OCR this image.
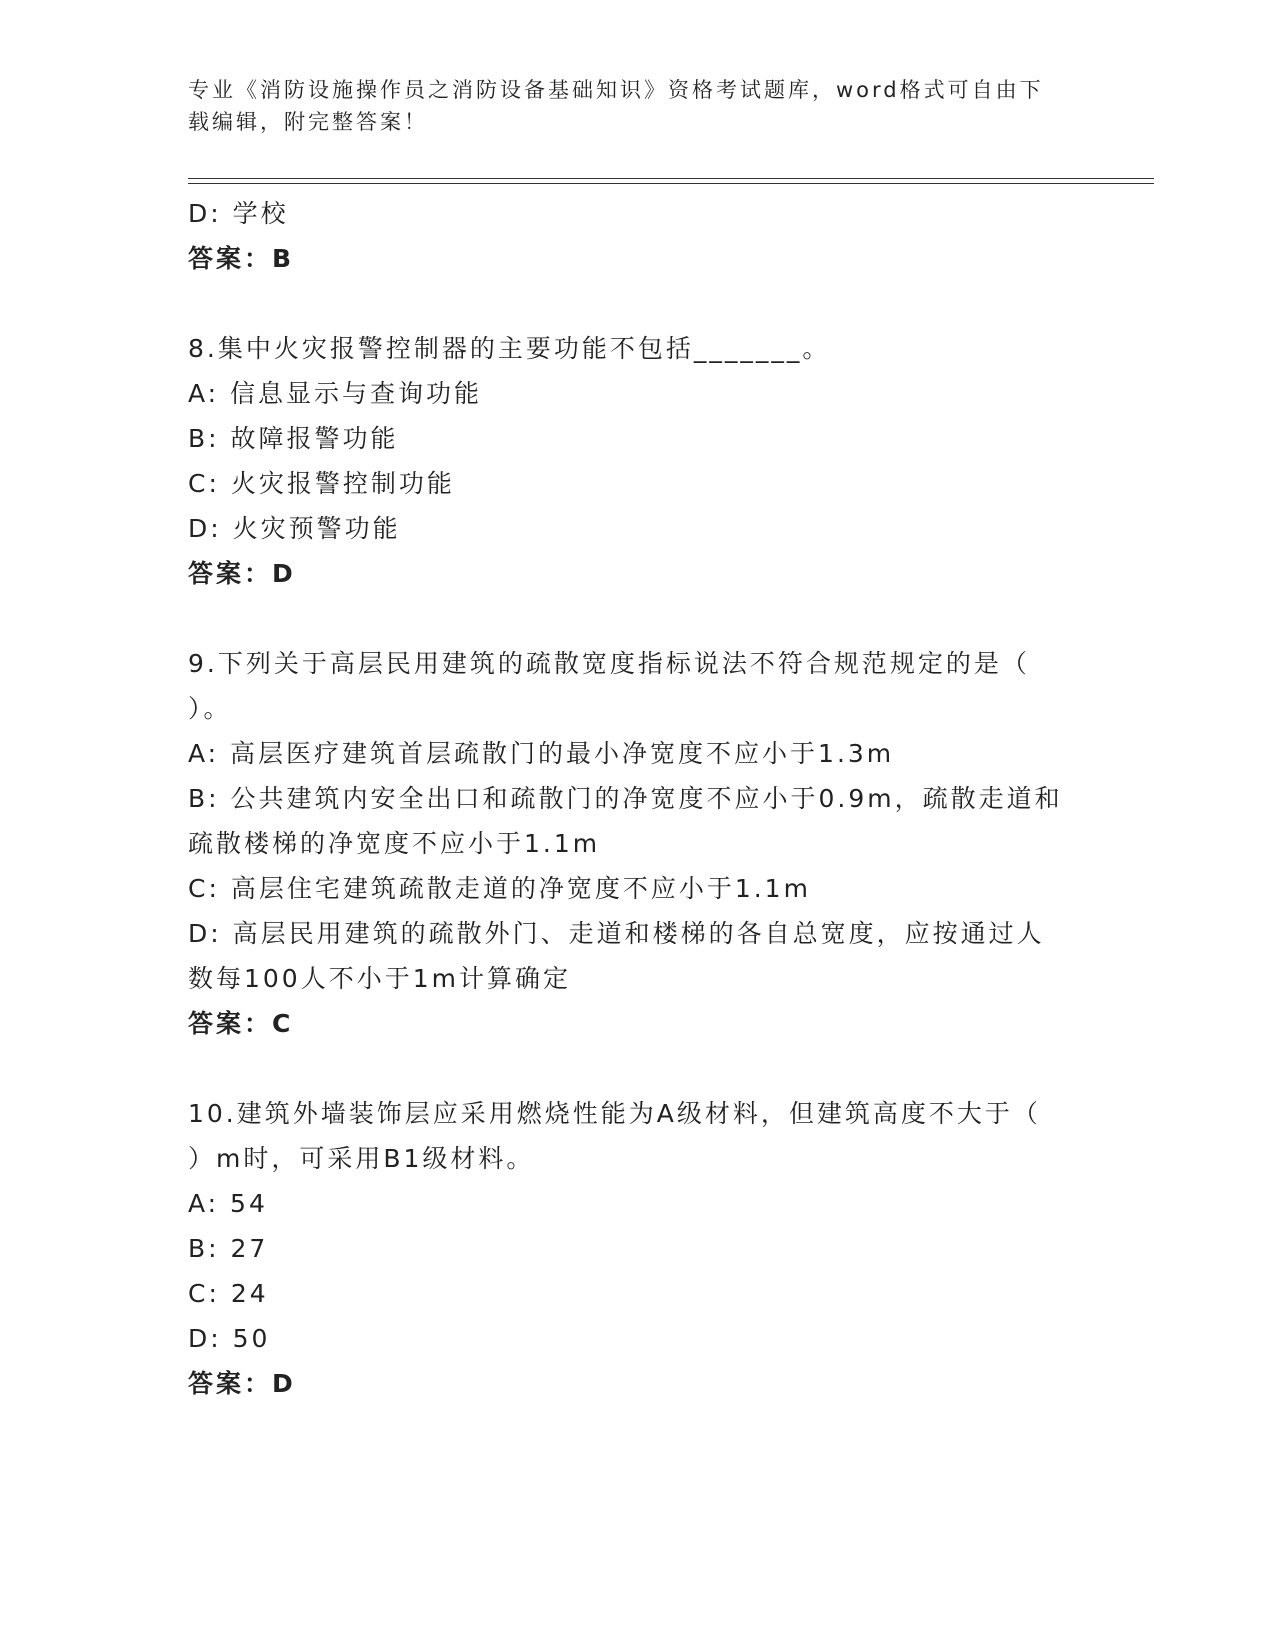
专业《消防设施操作员之消防设备基础知识》资格考试题库，word格式可自由下
载编辑，附完整答案！
D: 学校
答案：B
8.集中火灾报警控制器的主要功能不包括_______。
A: 信息显示与查询功能
B: 故障报警功能
C: 火灾报警控制功能
D: 火灾预警功能
答案：D
9.下列关于高层民用建筑的疏散宽度指标说法不符合规范规定的是（
）。
A: 高层医疗建筑首层疏散门的最小净宽度不应小于1.3m
B: 公共建筑内安全出口和疏散门的净宽度不应小于0.9m，疏散走道和
疏散楼梯的净宽度不应小于1.1m
C: 高层住宅建筑疏散走道的净宽度不应小于1.1m
D: 高层民用建筑的疏散外门、走道和楼梯的各自总宽度，应按通过人
数每100人不小于1m计算确定
答案：C
10.建筑外墙装饰层应采用燃烧性能为A级材料，但建筑高度不大于（
）m时，可采用B1级材料。
A: 54
B: 27
C: 24
D: 50
答案：D
